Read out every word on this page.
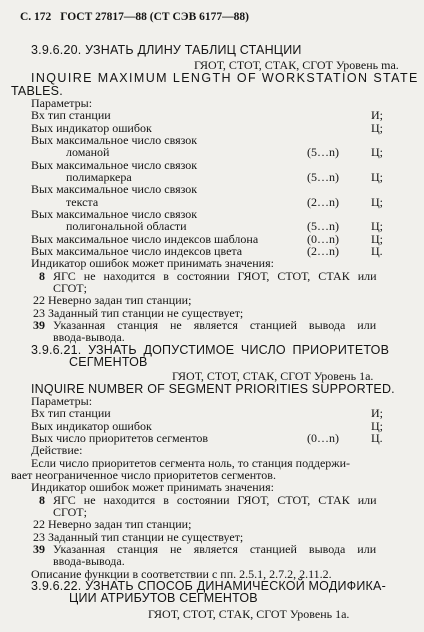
С. 172 ГОСТ 27817—88 (СТ СЭВ 6177—88)
3.9.6.20. УЗНАТЬ ДЛИНУ ТАБЛИЦ СТАНЦИИ
ГЯОТ, СТОТ, СТАК, СГОТ Уровень mа.
INQUIRE MAXIMUM LENGTH OF WORKSTATION STATE
TABLES.
Параметры:
Вх тип станции	И;
Вых индикатор ошибок	Ц;
Вых максимальное число связок
ломаной	(5…n)	Ц;
Вых максимальное число связок
полимаркера	(5…n)	Ц;
Вых максимальное число связок
текста	(2…n)	Ц;
Вых максимальное число связок
полигональной области	(5…n)	Ц;
Вых максимальное число индексов шаблона	(0…n)	Ц;
Вых максимальное число индексов цвета	(2…n)	Ц.
Индикатор ошибок может принимать значения:
8 ЯГС не находится в состоянии ГЯОТ, СТОТ, СТАК или
СГОТ;
22 Неверно задан тип станции;
23 Заданный тип станции не существует;
39 Указанная станция не является станцией вывода или
ввода-вывода.
3.9.6.21. УЗНАТЬ ДОПУСТИМОЕ ЧИСЛО ПРИОРИТЕТОВ
СЕГМЕНТОВ
ГЯОТ, СТОТ, СТАК, СГОТ Уровень 1а.
INQUIRE NUMBER OF SEGMENT PRIORITIES SUPPORTED.
Параметры:
Вх тип станции	И;
Вых индикатор ошибок	Ц;
Вых число приоритетов сегментов	(0…n)	Ц.
Действие:
Если число приоритетов сегмента ноль, то станция поддержи-
вает неограниченное число приоритетов сегментов.
Индикатор ошибок может принимать значения:
8 ЯГС не находится в состоянии ГЯОТ, СТОТ, СТАК или
СГОТ;
22 Неверно задан тип станции;
23 Заданный тип станции не существует;
39 Указанная станция не является станцией вывода или
ввода-вывода.
Описание функции в соответствии с пп. 2.5.1, 2.7.2, 2.11.2.
3.9.6.22. УЗНАТЬ СПОСОБ ДИНАМИЧЕСКОЙ МОДИФИКА-
ЦИИ АТРИБУТОВ СЕГМЕНТОВ
ГЯОТ, СТОТ, СТАК, СГОТ Уровень 1а.
